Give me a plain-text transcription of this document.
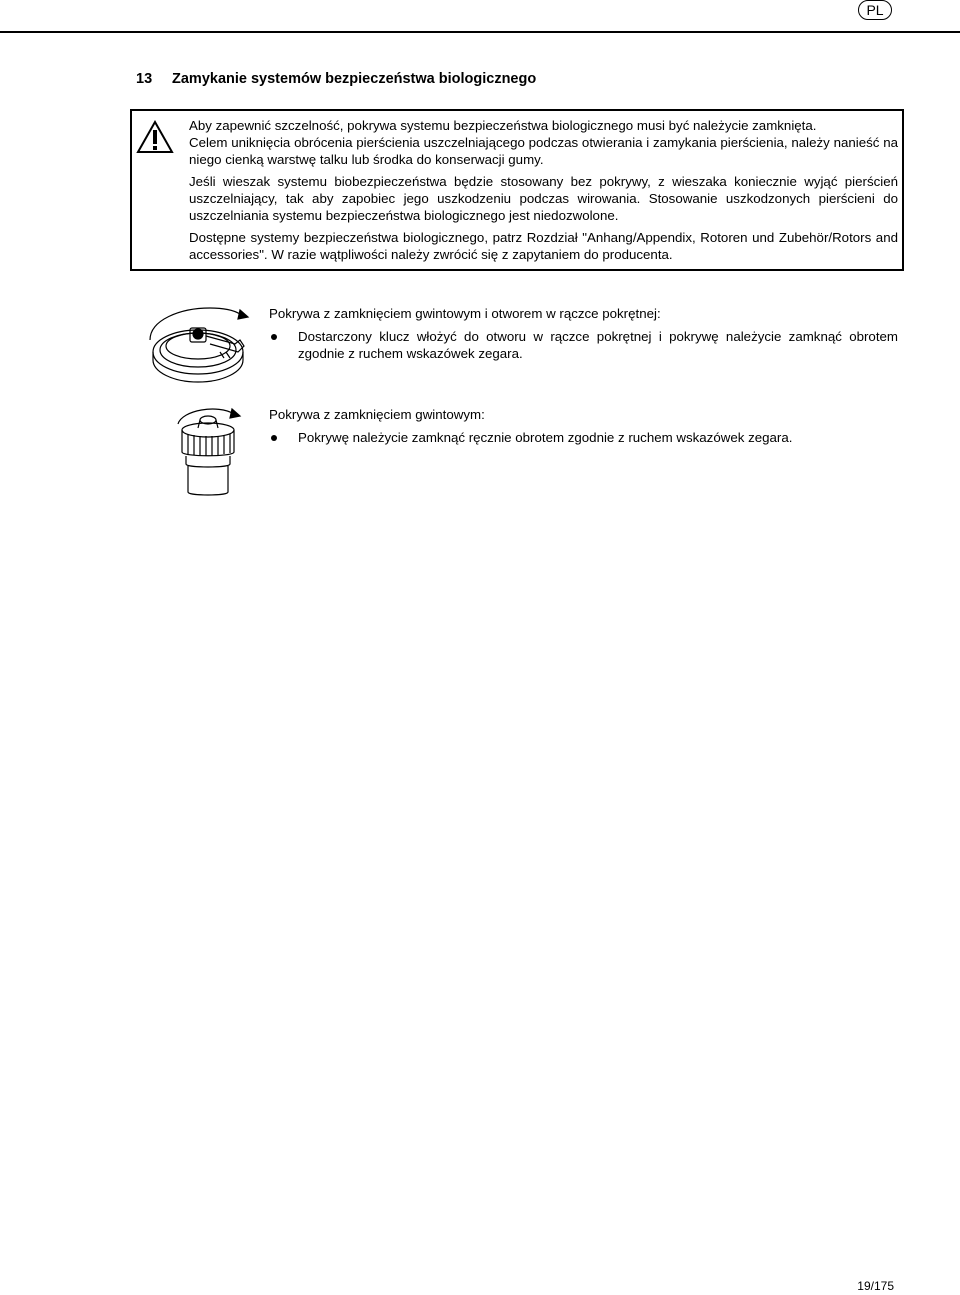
PL
13 Zamykanie systemów bezpieczeństwa biologicznego

Aby zapewnić szczelność, pokrywa systemu bezpieczeństwa biologicznego musi być należycie zamknięta.

Celem uniknięcia obrócenia pierścienia uszczelniającego podczas otwierania i zamykania pierścienia, należy nanieść na niego cienką warstwę talku lub środka do konserwacji gumy.

Jeśli wieszak systemu biobezpieczeństwa będzie stosowany bez pokrywy, z wieszaka koniecznie wyjąć pierścień uszczelniający, tak aby zapobiec jego uszkodzeniu podczas wirowania. Stosowanie uszkodzonych pierścieni do uszczelniania systemu bezpieczeństwa biologicznego jest niedozwolone.

Dostępne systemy bezpieczeństwa biologicznego, patrz Rozdział "Anhang/Appendix, Rotoren und Zubehör/Rotors and accessories". W razie wątpliwości należy zwrócić się z zapytaniem do producenta.

Pokrywa z zamknięciem gwintowym i otworem w rączce pokrętnej:

Dostarczony klucz włożyć do otworu w rączce pokrętnej i pokrywę należycie zamknąć obrotem zgodnie z ruchem wskazówek zegara.

Pokrywa z zamknięciem gwintowym:

Pokrywę należycie zamknąć ręcznie obrotem zgodnie z ruchem wskazówek zegara.
19/175
